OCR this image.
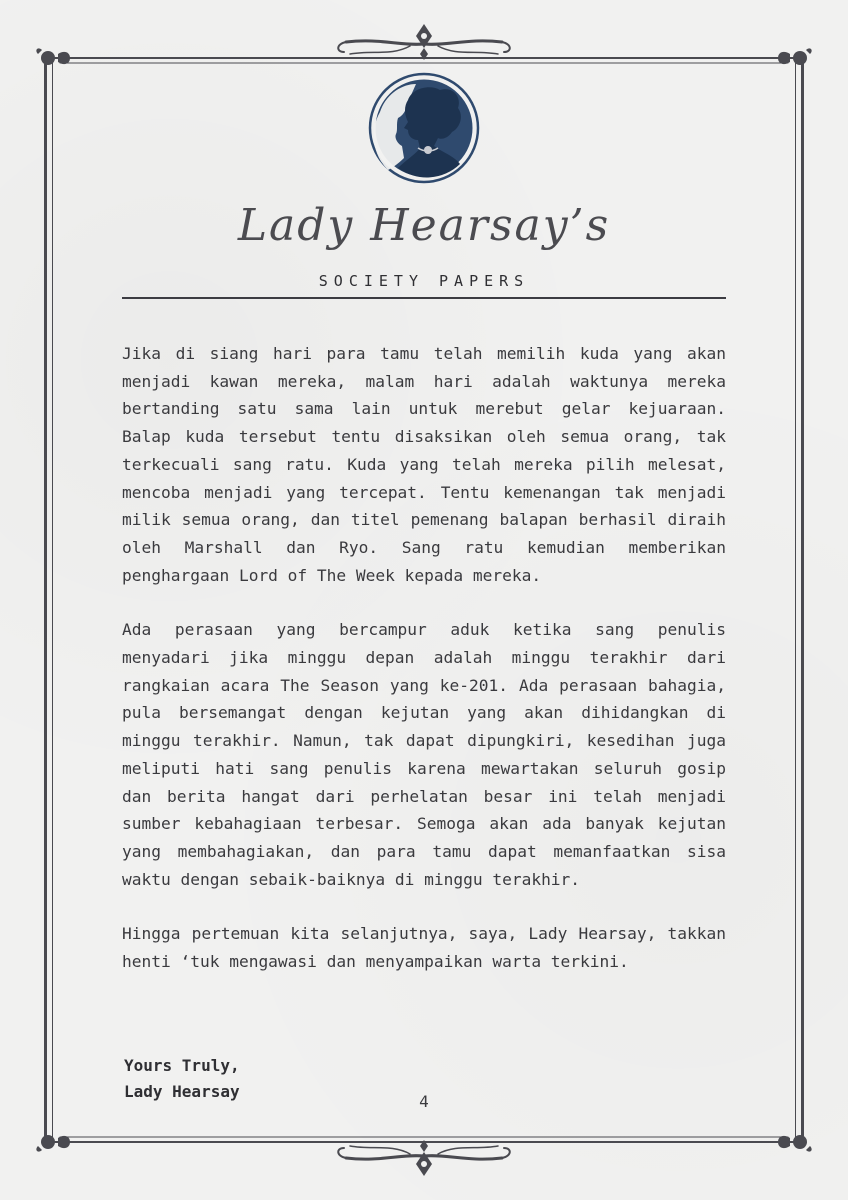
Lady Hearsay’s
SOCIETY PAPERS

Jika di siang hari para tamu telah memilih kuda yang akan menjadi kawan mereka, malam hari adalah waktunya mereka bertanding satu sama lain untuk merebut gelar kejuaraan. Balap kuda tersebut tentu disaksikan oleh semua orang, tak terkecuali sang ratu. Kuda yang telah mereka pilih melesat, mencoba menjadi yang tercepat. Tentu kemenangan tak menjadi milik semua orang, dan titel pemenang balapan berhasil diraih oleh Marshall dan Ryo. Sang ratu kemudian memberikan penghargaan Lord of The Week kepada mereka.

Ada perasaan yang bercampur aduk ketika sang penulis menyadari jika minggu depan adalah minggu terakhir dari rangkaian acara The Season yang ke-201. Ada perasaan bahagia, pula bersemangat dengan kejutan yang akan dihidangkan di minggu terakhir. Namun, tak dapat dipungkiri, kesedihan juga meliputi hati sang penulis karena mewartakan seluruh gosip dan berita hangat dari perhelatan besar ini telah menjadi sumber kebahagiaan terbesar. Semoga akan ada banyak kejutan yang membahagiakan, dan para tamu dapat memanfaatkan sisa waktu dengan sebaik-baiknya di minggu terakhir.

Hingga pertemuan kita selanjutnya, saya, Lady Hearsay, takkan henti ‘tuk mengawasi dan menyampaikan warta terkini.

Yours Truly,
Lady Hearsay
4
